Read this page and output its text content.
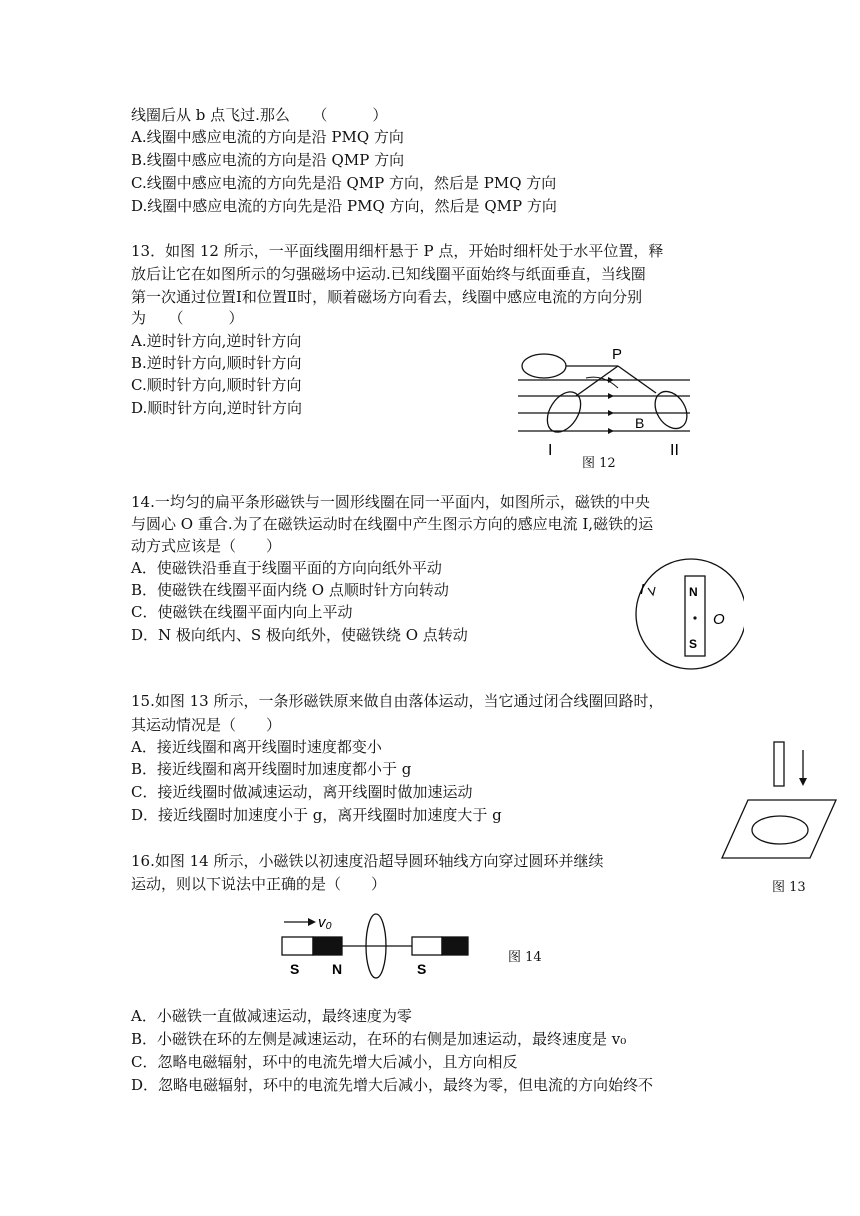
线圈后从 b 点飞过.那么　　（　　　）
A.线圈中感应电流的方向是沿 PMQ 方向
B.线圈中感应电流的方向是沿 QMP 方向
C.线圈中感应电流的方向先是沿 QMP 方向，然后是 PMQ 方向
D.线圈中感应电流的方向先是沿 PMQ 方向，然后是 QMP 方向
13．如图 12 所示，一平面线圈用细杆悬于 P 点，开始时细杆处于水平位置，释
放后让它在如图所示的匀强磁场中运动.已知线圈平面始终与纸面垂直，当线圈
第一次通过位置Ⅰ和位置Ⅱ时，顺着磁场方向看去，线圈中感应电流的方向分别
为　　（　　　）
A.逆时针方向,逆时针方向
B.逆时针方向,顺时针方向
C.顺时针方向,顺时针方向
D.顺时针方向,逆时针方向
P
B
I	II
图 12
14.一均匀的扁平条形磁铁与一圆形线圈在同一平面内，如图所示，磁铁的中央
与圆心 O 重合.为了在磁铁运动时在线圈中产生图示方向的感应电流 I,磁铁的运
动方式应该是（　　）
A．使磁铁沿垂直于线圈平面的方向向纸外平动
B．使磁铁在线圈平面内绕 O 点顺时针方向转动
C．使磁铁在线圈平面内向上平动
D．N 极向纸内、S 极向纸外，使磁铁绕 O 点转动
N
S
O
I
15.如图 13 所示，一条形磁铁原来做自由落体运动，当它通过闭合线圈回路时，
其运动情况是（　　）
A．接近线圈和离开线圈时速度都变小
B．接近线圈和离开线圈时加速度都小于 g
C．接近线圈时做减速运动，离开线圈时做加速运动
D．接近线圈时加速度小于 g，离开线圈时加速度大于 g
图 13
16.如图 14 所示，小磁铁以初速度沿超导圆环轴线方向穿过圆环并继续
运动，则以下说法中正确的是（　　）
v₀
S N	S
图 14
A．小磁铁一直做减速运动，最终速度为零
B．小磁铁在环的左侧是减速运动，在环的右侧是加速运动，最终速度是 v₀
C．忽略电磁辐射，环中的电流先增大后减小，且方向相反
D．忽略电磁辐射，环中的电流先增大后减小，最终为零，但电流的方向始终不
